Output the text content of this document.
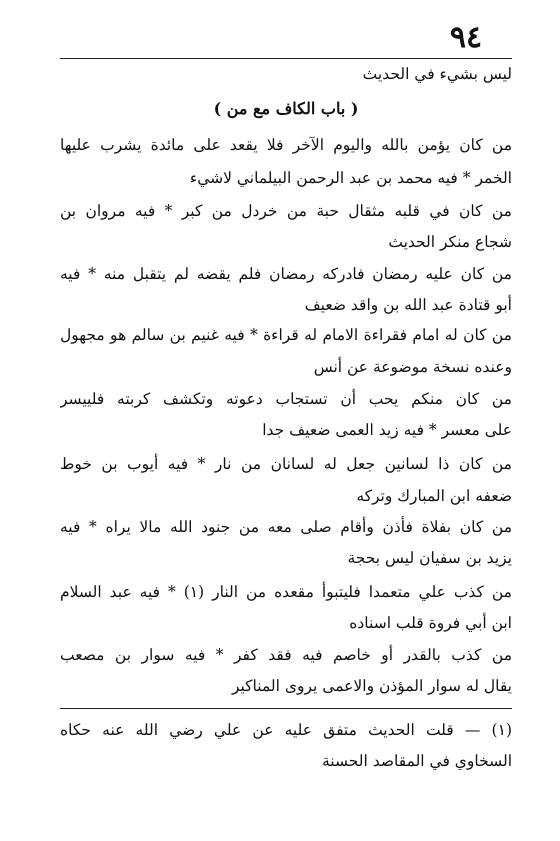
٩٤
ليس بشيء في الحديث
( باب الكاف مع من )
من كان يؤمن بالله واليوم الآخر فلا يقعد على مائدة يشرب عليها
الخمر * فيه محمد بن عبد الرحمن البيلماني لاشيء
من كان في قلبه مثقال حبة من خردل من كبر * فيه مروان بن
شجاع منكر الحديث
من كان عليه رمضان فادركه رمضان فلم يقضه لم يتقبل منه * فيه
أبو قتادة عبد الله بن واقد ضعيف
من كان له امام فقراءة الامام له قراءة * فيه غنيم بن سالم هو مجهول
وعنده نسخة موضوعة عن أنس
من كان منكم يحب أن تستجاب دعوته وتكشف كربته فلييسر
على معسر * فيه زيد العمى ضعيف جدا
من كان ذا لسانين جعل له لسانان من نار * فيه أيوب بن خوط
ضعفه ابن المبارك وتركه
من كان بفلاة فأذن وأقام صلى معه من جنود الله مالا يراه * فيه
يزيد بن سفيان ليس بحجة
من كذب علي متعمدا فليتبوأ مقعده من النار (١) * فيه عبد السلام
ابن أبي فروة قلب اسناده
من كذب بالقدر أو خاصم فيه فقد كفر * فيه سوار بن مصعب
يقال له سوار المؤذن والاعمى يروى المناكير
(١) — قلت الحديث متفق عليه عن علي رضي الله عنه حكاه
السخاوي في المقاصد الحسنة
